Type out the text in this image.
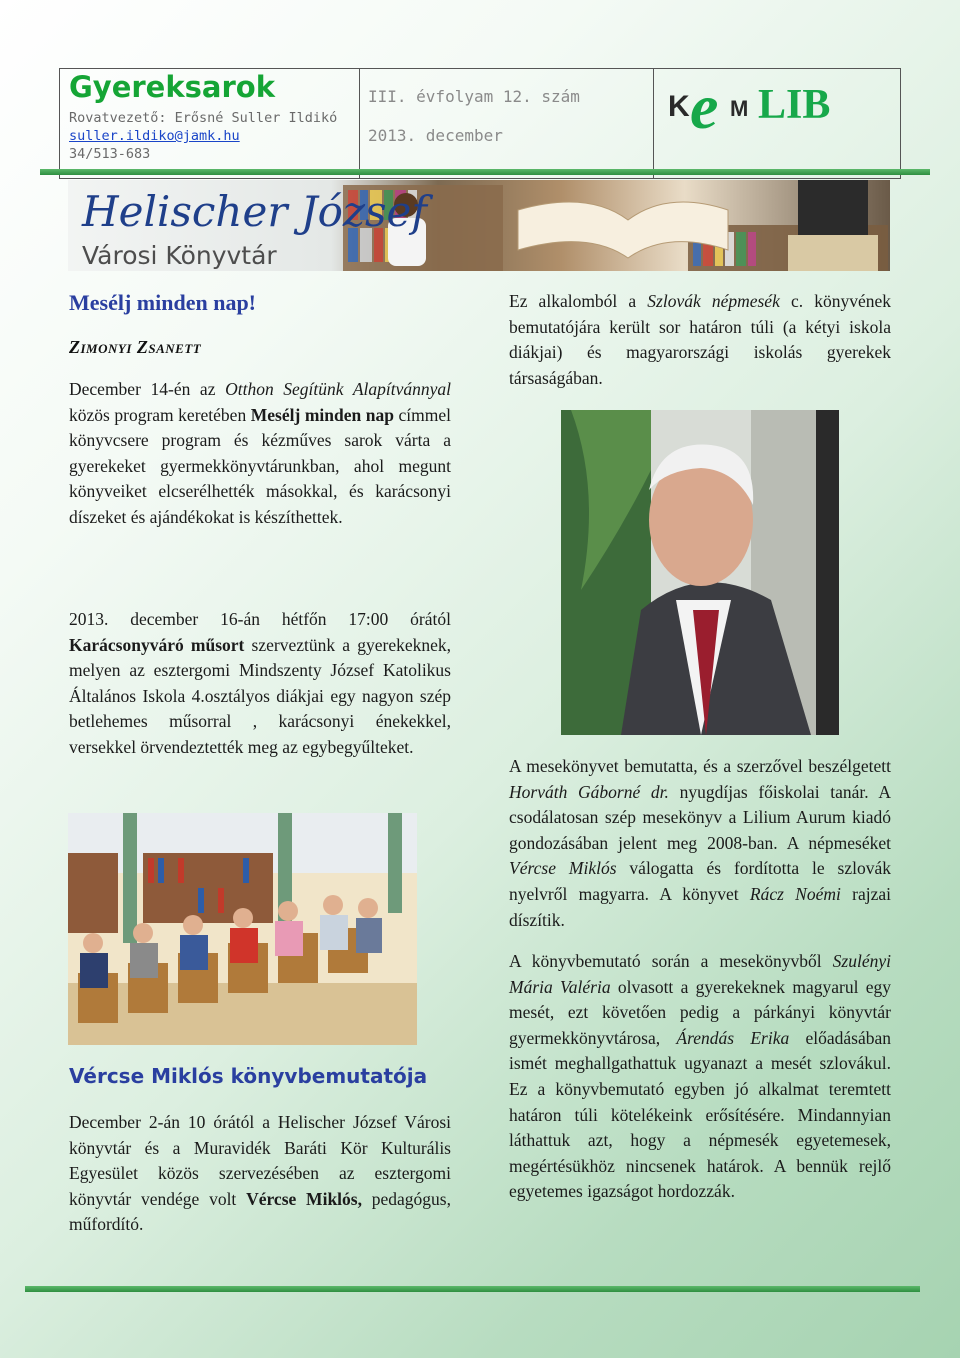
Gyereksarok
Rovatvezető: Erősné Suller Ildikó
suller.ildiko@jamk.hu
34/513-683
III. évfolyam 12. szám
2013. december
K e M LIB
Helischer József
Városi Könyvtár
Mesélj minden nap!
Zimonyi Zsanett
December 14-én az Otthon Segítünk Alapítvánnyal közös program keretében Mesélj minden nap címmel könyvcsere program és kézműves sarok várta a gyerekeket gyermekkönyvtárunkban, ahol megunt könyveiket elcserélhették másokkal, és karácsonyi díszeket és ajándékokat is készíthettek.
2013. december 16-án hétfőn 17:00 órától Karácsonyváró műsort szerveztünk a gyerekeknek, melyen az esztergomi Mindszenty József Katolikus Általános Iskola 4.osztályos diákjai egy nagyon szép betlehemes műsorral , karácsonyi énekekkel, versekkel örvendeztették meg az egybegyűlteket.
Vércse Miklós könyvbemutatója
December 2-án 10 órától a Helischer József Városi könyvtár és a Muravidék Baráti Kör Kulturális Egyesület közös szervezésében az esztergomi könyvtár vendége volt Vércse Miklós, pedagógus, műfordító.
Ez alkalomból a Szlovák népmesék c. könyvének bemutatójára került sor határon túli (a kétyi iskola diákjai) és magyarországi iskolás gyerekek társaságában.
A mesekönyvet bemutatta, és a szerzővel beszélgetett Horváth Gáborné dr. nyugdíjas főiskolai tanár. A csodálatosan szép mesekönyv a Lilium Aurum kiadó gondozásában jelent meg 2008-ban. A népmeséket Vércse Miklós válogatta és fordította le szlovák nyelvről magyarra. A könyvet Rácz Noémi rajzai díszítik.
A könyvbemutató során a mesekönyvből Szulényi Mária Valéria olvasott a gyerekeknek magyarul egy mesét, ezt követően pedig a párkányi könyvtár gyermekkönyvtárosa, Árendás Erika előadásában ismét meghallgathattuk ugyanazt a mesét szlovákul. Ez a könyvbemutató egyben jó alkalmat teremtett határon túli kötelékeink erősítésére. Mindannyian láthattuk azt, hogy a népmesék egyetemesek, megértésükhöz nincsenek határok. A bennük rejlő egyetemes igazságot hordozzák.
